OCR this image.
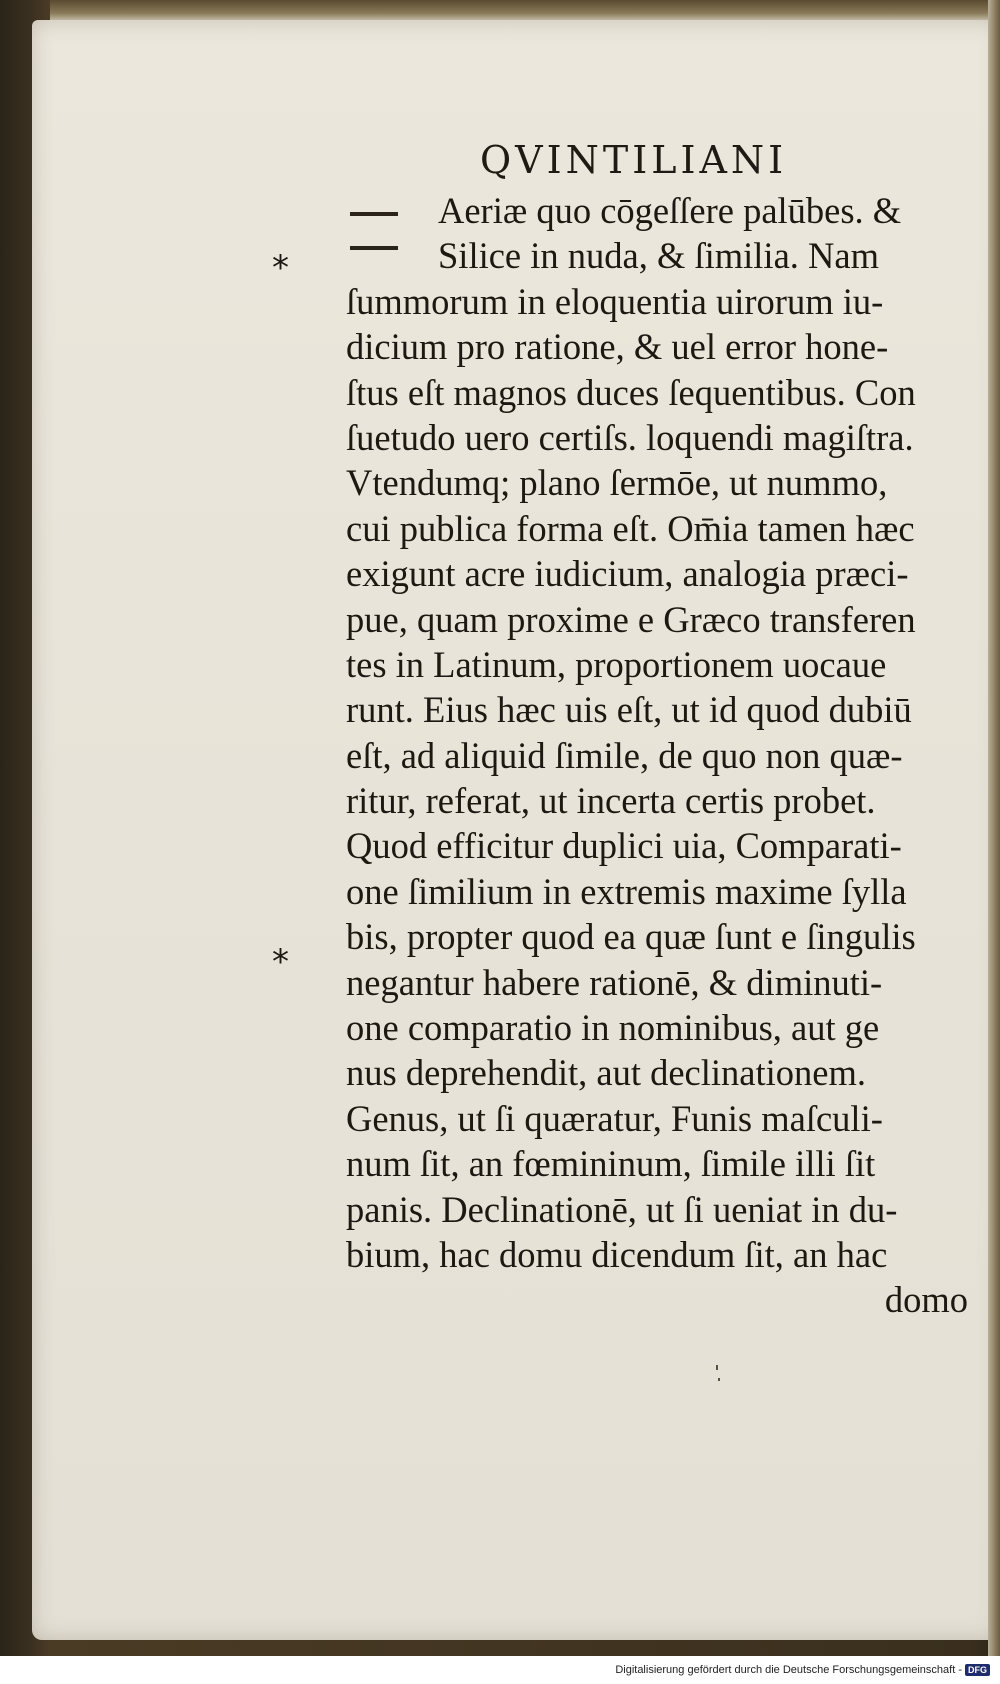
QVINTILIANI
*
*
Aeriæ quo cōgeſſere palūbes. &
Silice in nuda, & ſimilia. Nam
ſummorum in eloquentia uirorum iu-
dicium pro ratione, & uel error hone-
ſtus eſt magnos duces ſequentibus. Con
ſuetudo uero certiſs. loquendi magiſtra.
Vtendumq; plano ſermōe, ut nummo,
cui publica forma eſt. Om̄ia tamen hæc
exigunt acre iudicium, analogia præci-
pue, quam proxime e Græco transferen
tes in Latinum, proportionem uocaue
runt. Eius hæc uis eſt, ut id quod dubiū
eſt, ad aliquid ſimile, de quo non quæ-
ritur, referat, ut incerta certis probet.
Quod efficitur duplici uia, Comparati-
one ſimilium in extremis maxime ſylla
bis, propter quod ea quæ ſunt e ſingulis
negantur habere rationē, & diminuti-
one comparatio in nominibus, aut ge
nus deprehendit, aut declinationem.
Genus, ut ſi quæratur, Funis maſculi-
num ſit, an fœmininum, ſimile illi ſit
panis. Declinationē, ut ſi ueniat in du-
bium, hac domu dicendum ſit, an hac
domo
Digitalisierung gefördert durch die Deutsche Forschungsgemeinschaft - DFG
